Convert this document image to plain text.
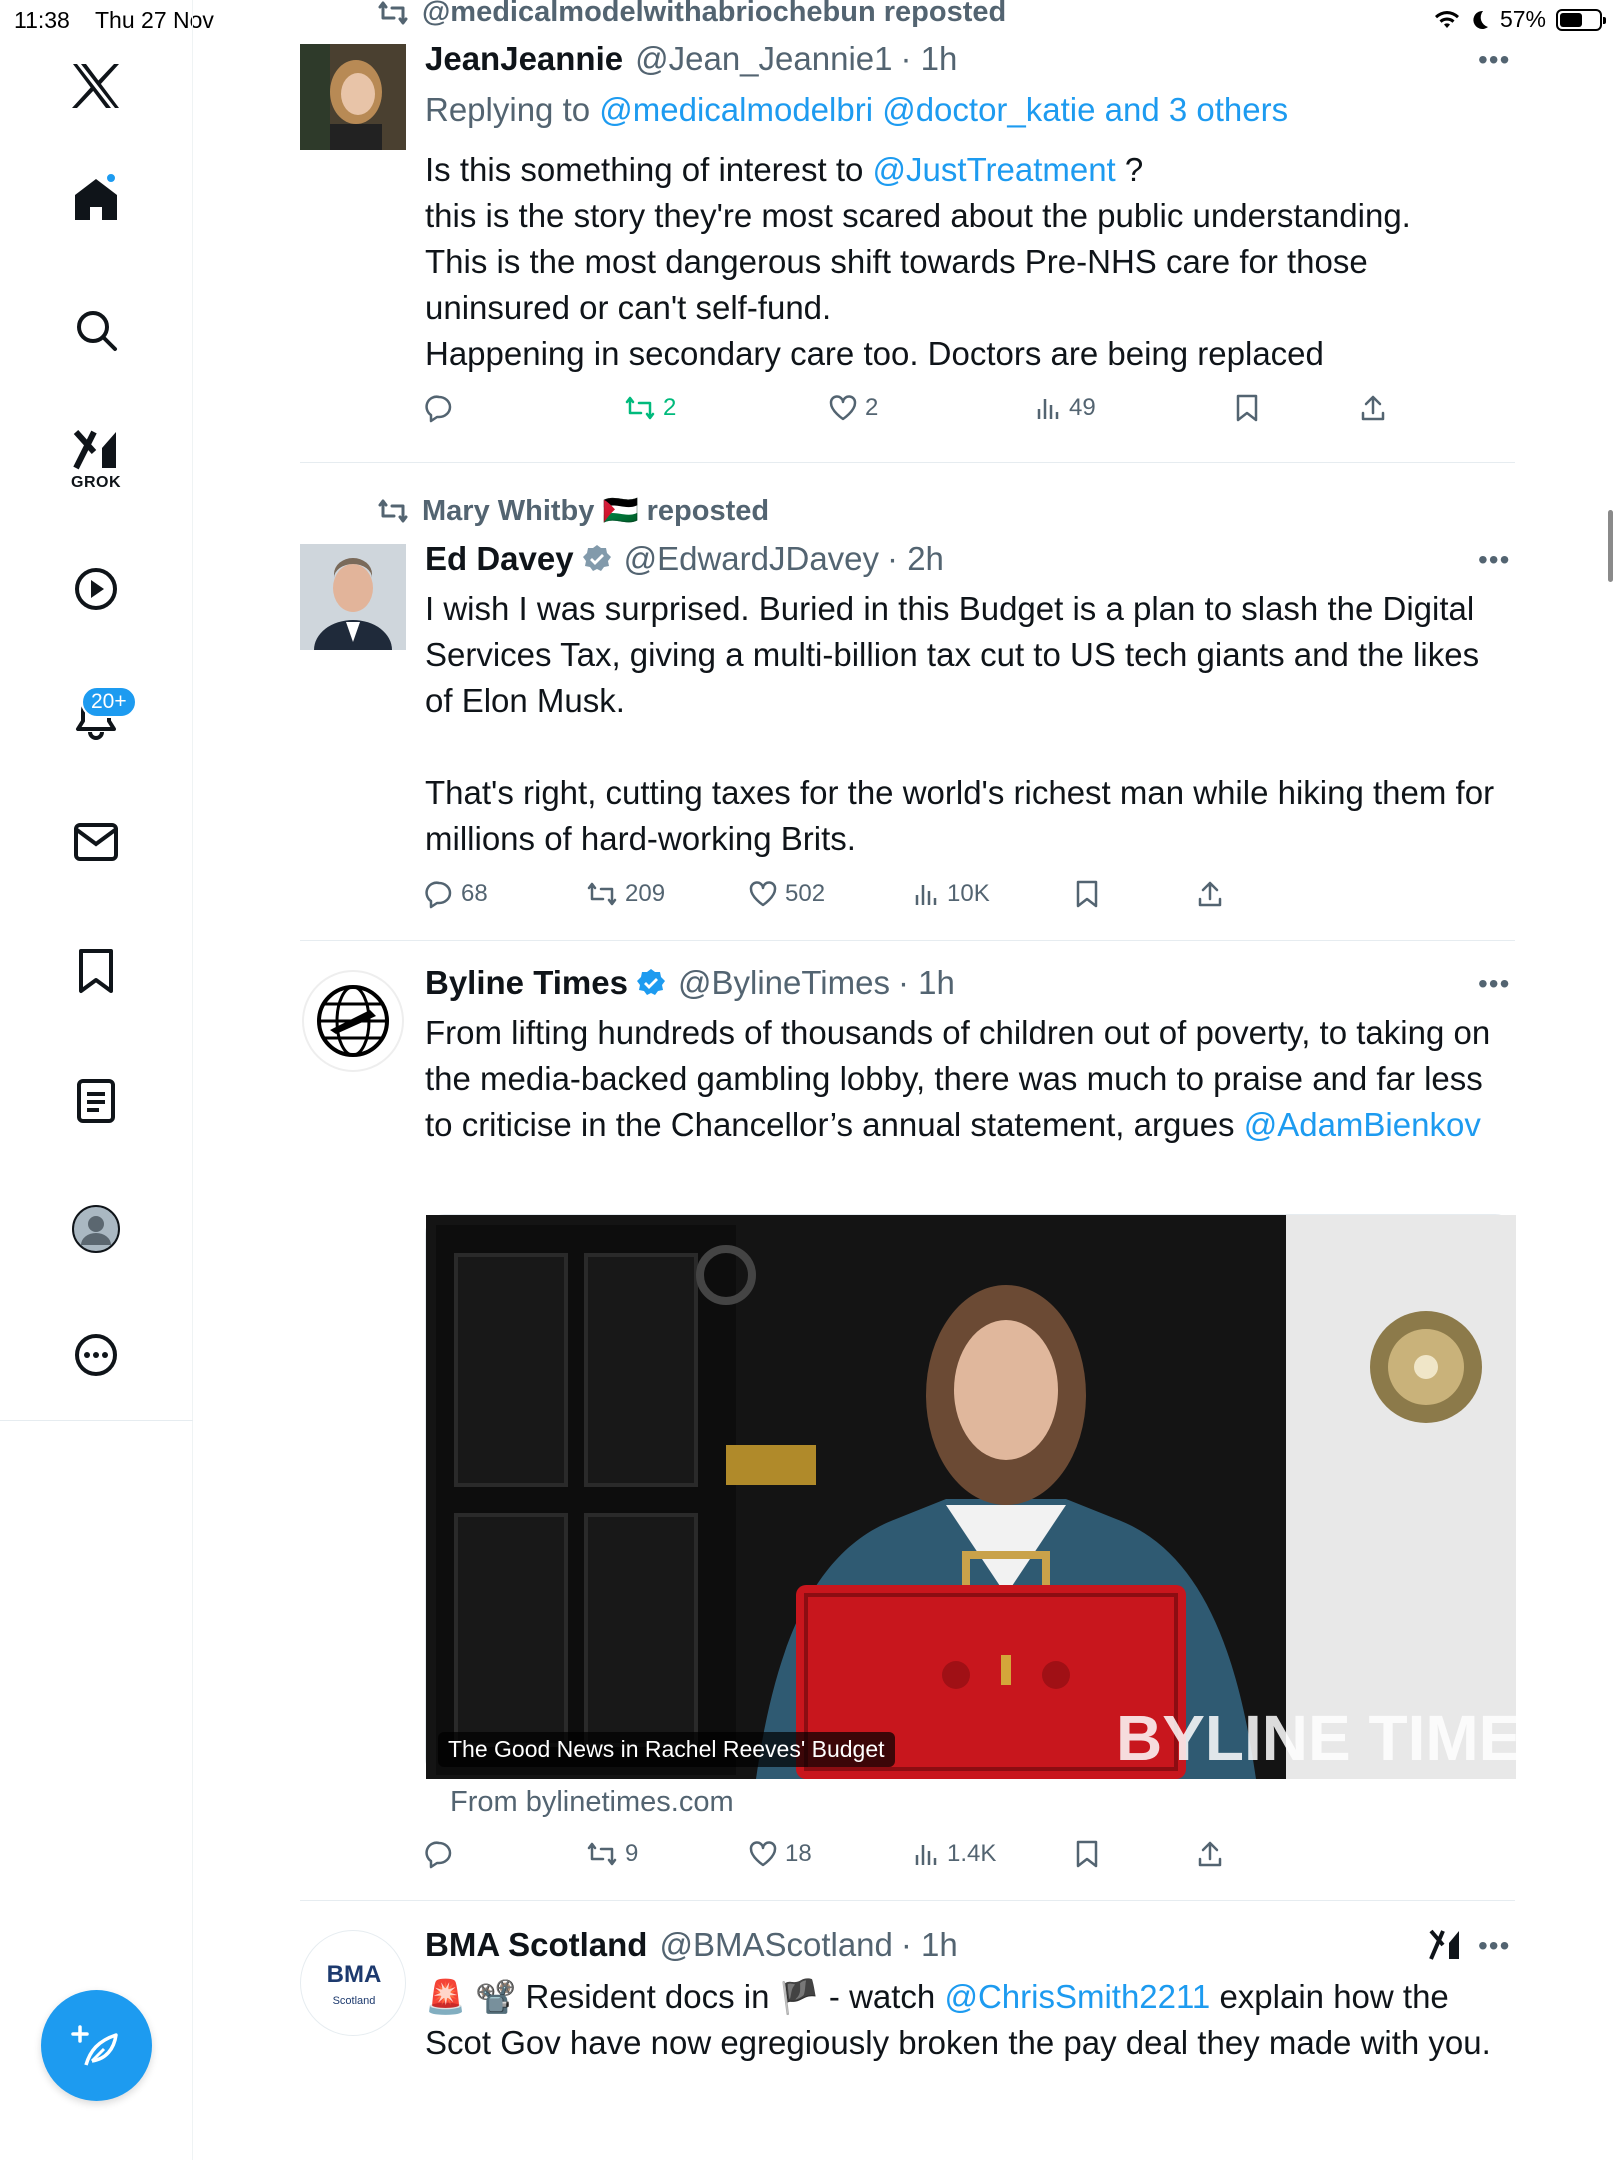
11:38 Thu 27 Nov	57%
GROK
20+
@medicalmodelwithabriochebun reposted
JeanJeannie @Jean_Jeannie1 · 1h	•••
Replying to @medicalmodelbri @doctor_katie and 3 others

Is this something of interest to @JustTreatment ?

this is the story they're most scared about the public understanding.

This is the most dangerous shift towards Pre-NHS care for those uninsured or can't self-fund.

Happening in secondary care too. Doctors are being replaced

2	2	49
Mary Whitby 🇵🇸 reposted
Ed Davey @EdwardJDavey · 2h	•••

I wish I was surprised. Buried in this Budget is a plan to slash the Digital Services Tax, giving a multi-billion tax cut to US tech giants and the likes of Elon Musk.

That's right, cutting taxes for the world's richest man while hiking them for millions of hard-working Brits.

68	209	502	10K
Byline Times @BylineTimes · 1h	•••

From lifting hundreds of thousands of children out of poverty, to taking on the media-backed gambling lobby, there was much to praise and far less to criticise in the Chancellor’s annual statement, argues @AdamBienkov

BYLINE TIMES
The Good News in Rachel Reeves' Budget
From bylinetimes.com
9	18	1.4K
BMA
Scotland
BMA Scotland @BMAScotland · 1h	•••

🚨 📽️ Resident docs in 🏴 - watch @ChrisSmith2211 explain how the Scot Gov have now egregiously broken the pay deal they made with you.
